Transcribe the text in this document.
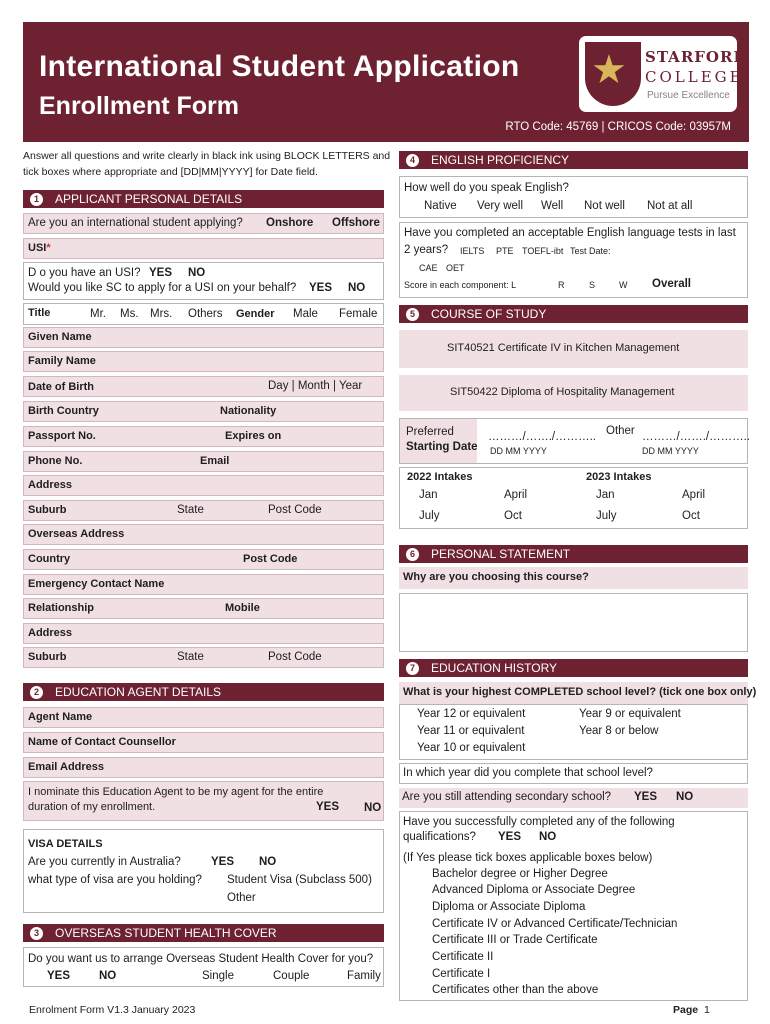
International Student Application
Enrollment Form
RTO Code: 45769 | CRICOS Code: 03957M
★ STARFORD
COLLEGE
Pursue Excellence
Answer all questions and write clearly in black ink using BLOCK LETTERS and
tick boxes where appropriate and [DD|MM|YYYY] for Date field.
1 APPLICANT PERSONAL DETAILS
Are you an international student applying? Onshore Offshore
USI*
D o you have an USI? YES NO
Would you like SC to apply for a USI on your behalf? YES NO
Title	Mr. Ms. Mrs. Others Gender Male Female
Given Name
Family Name
Date of Birth	Day | Month | Year
Birth Country	Nationality
Passport No.	Expires on
Phone No.	Email
Address
Suburb	State	Post Code
Overseas Address
Country	Post Code
Emergency Contact Name
Relationship	Mobile
Address
Suburb	State	Post Code
2 EDUCATION AGENT DETAILS
Agent Name
Name of Contact Counsellor
Email Address
I nominate this Education Agent to be my agent for the entire
duration of my enrollment.	YES NO
VISA DETAILS
Are you currently in Australia?	YES NO
what type of visa are you holding? Student Visa (Subclass 500)
Other
3 OVERSEAS STUDENT HEALTH COVER
Do you want us to arrange Overseas Student Health Cover for you?
YES	NO	Single	Couple	Family
4 ENGLISH PROFICIENCY
How well do you speak English?
Native Very well Well Not well Not at all
Have you completed an acceptable English language tests in last
2 years? IELTS PTE TOEFL-ibt Test Date:
CAE OET
Score in each component: L	R	S	W Overall
5 COURSE OF STUDY
SIT40521 Certificate IV in Kitchen Management
SIT50422 Diploma of Hospitality Management
Preferred
Starting Date
………/……./………..
DD MM YYYY
Other ………/……./………..
DD MM YYYY
2022 Intakes	2023 Intakes
Jan	April	Jan	April
July	Oct	July	Oct
6 PERSONAL STATEMENT
Why are you choosing this course?
7 EDUCATION HISTORY
What is your highest COMPLETED school level? (tick one box only)
Year 12 or equivalent
Year 11 or equivalent
Year 10 or equivalent
Year 9 or equivalent
Year 8 or below
In which year did you complete that school level?
Are you still attending secondary school? YES NO
Have you successfully completed any of the following
qualifications? YES NO
(If Yes please tick boxes applicable boxes below)
Bachelor degree or Higher Degree
Advanced Diploma or Associate Degree
Diploma or Associate Diploma
Certificate IV or Advanced Certificate/Technician
Certificate III or Trade Certificate
Certificate II
Certificate I
Certificates other than the above
Enrolment Form V1.3 January 2023	Page 1
